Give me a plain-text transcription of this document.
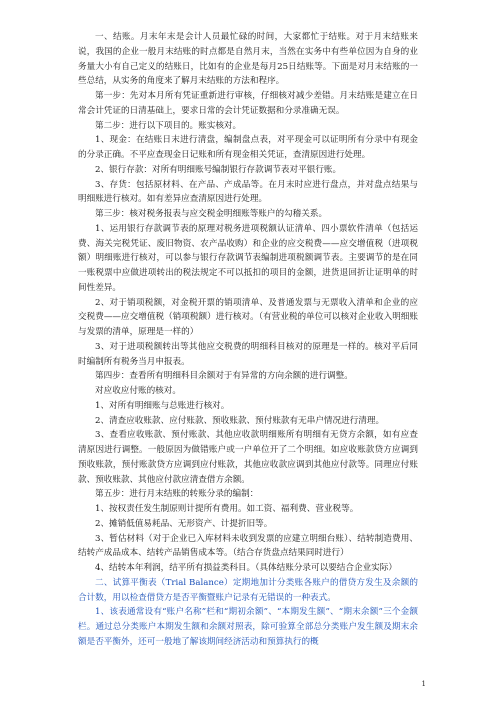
一、结账。月末年末是会计人员最忙碌的时间，大家都忙于结账。对于月末结账来说，我国的企业一般月末结账的时点都是自然月末，当然在实务中有些单位因为自身的业务量大小有自己定义的结账日，比如有的企业是每月25日结账等。下面是对月末结账的一些总结，从实务的角度来了解月末结账的方法和程序。

第一步：先对本月所有凭证重新进行审核，仔细核对减少差错。月末结账是建立在日常会计凭证的日清基础上，要求日常的会计凭证数据和分录准确无误。

第二步：进行以下项目的。账实核对。

1、现金：在结账日末进行清盘，编制盘点表，对平现金可以证明所有分录中有现金的分录正确。不平应查现金日记账和所有现金相关凭证，查清原因进行处理。

2、银行存款：对所有明细账号编制银行存款调节表对平银行账。

3、存货：包括原材料、在产品、产成品等。在月末时应进行盘点，并对盘点结果与明细账进行核对。如有差异应查清原因进行处理。

第三步：核对税务报表与应交税金明细账等账户的勾稽关系。

1、运用银行存款调节表的原理对税务进项税额认证清单、四小票软件清单（包括运费、海关完税凭证、废旧物资、农产品收购）和企业的应交税费——应交增值税（进项税额）明细账进行核对，可以参与银行存款调节表编制进项税额调节表。主要调节的是在同一账税票中应做进项转出的税法规定不可以抵扣的项目的金额，进货退回折让证明单的时间性差异。

2、对于销项税额，对金税开票的销项清单、及普通发票与无票收入清单和企业的应交税费——应交增值税（销项税额）进行核对。（有营业税的单位可以核对企业收入明细账与发票的清单，原理是一样的）

3、对于进项税额转出等其他应交税费的明细科目核对的原理是一样的。核对平后同时编制所有税务当月申报表。

第四步：查看所有明细科目余额对于有异常的方向余额的进行调整。

对应收应付账的核对。

1、对所有明细账与总账进行核对。

2、清查应收账款、应付账款、预收账款、预付账款有无串户情况进行清理。

3、查看应收账款、预付账款、其他应收款明细账所有明细有无贷方余额，如有应查清原因进行调整。一般原因为做错账户或一户单位开了二个明细。如应收账款贷方应调到预收账款，预付账款贷方应调到应付账款，其他应收款应调到其他应付款等。同理应付账款、预收账款、其他应付款应清查借方余额。

第五步：进行月末结账的转账分录的编制：

1、按权责任发生制原则计提所有费用。如工资、福利费、营业税等。

2、摊销低值易耗品、无形资产、计提折旧等。

3、暂估材料（对于企业已入库材料未收到发票的应建立明细台账）、结转制造费用、结转产成品成本、结转产品销售成本等。（结合存货盘点结果同时进行）

4、结转本年利润，结平所有损益类科目。（具体结账分录可以要结合企业实际）

二、试算平衡表（Trial Balance）定期地加计分类账各账户的借贷方发生及余额的合计数，用以检查借贷方是否平衡暨账户记录有无错误的一种表式。

1、该表通常设有“账户名称”栏和“期初余额”、“本期发生额”、“期末余额”三个金额栏。通过总分类账户本期发生额和余额对照表，除可验算全部总分类账户发生额及期末余额是否平衡外，还可一般地了解该期间经济活动和预算执行的概

1
